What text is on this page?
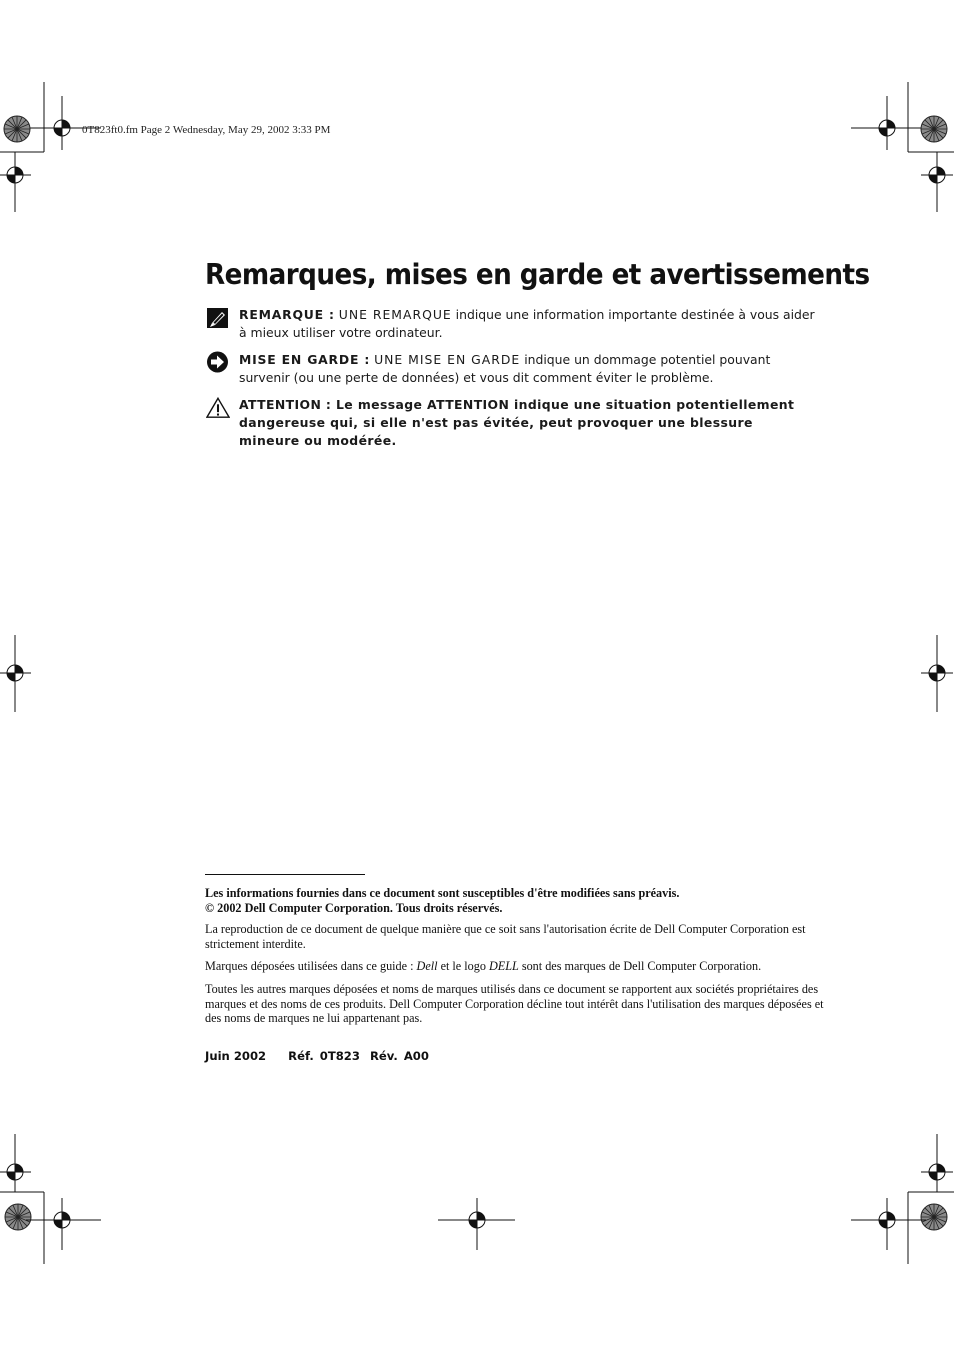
0T823ft0.fm Page 2 Wednesday, May 29, 2002 3:33 PM
Remarques, mises en garde et avertissements
REMARQUE : UNE REMARQUE indique une information importante destinée à vous aider à mieux utiliser votre ordinateur.
MISE EN GARDE : UNE MISE EN GARDE indique un dommage potentiel pouvant survenir (ou une perte de données) et vous dit comment éviter le problème.
ATTENTION : Le message ATTENTION indique une situation potentiellement dangereuse qui, si elle n'est pas évitée, peut provoquer une blessure mineure ou modérée.

Les informations fournies dans ce document sont susceptibles d'être modifiées sans préavis.

© 2002 Dell Computer Corporation. Tous droits réservés.

La reproduction de ce document de quelque manière que ce soit sans l'autorisation écrite de Dell Computer Corporation est strictement interdite.

Marques déposées utilisées dans ce guide : Dell et le logo DELL sont des marques de Dell Computer Corporation.

Toutes les autres marques déposées et noms de marques utilisés dans ce document se rapportent aux sociétés propriétaires des marques et des noms de ces produits. Dell Computer Corporation décline tout intérêt dans l'utilisation des marques déposées et des noms de marques ne lui appartenant pas.

Juin 2002 Réf. 0T823 Rév. A00
